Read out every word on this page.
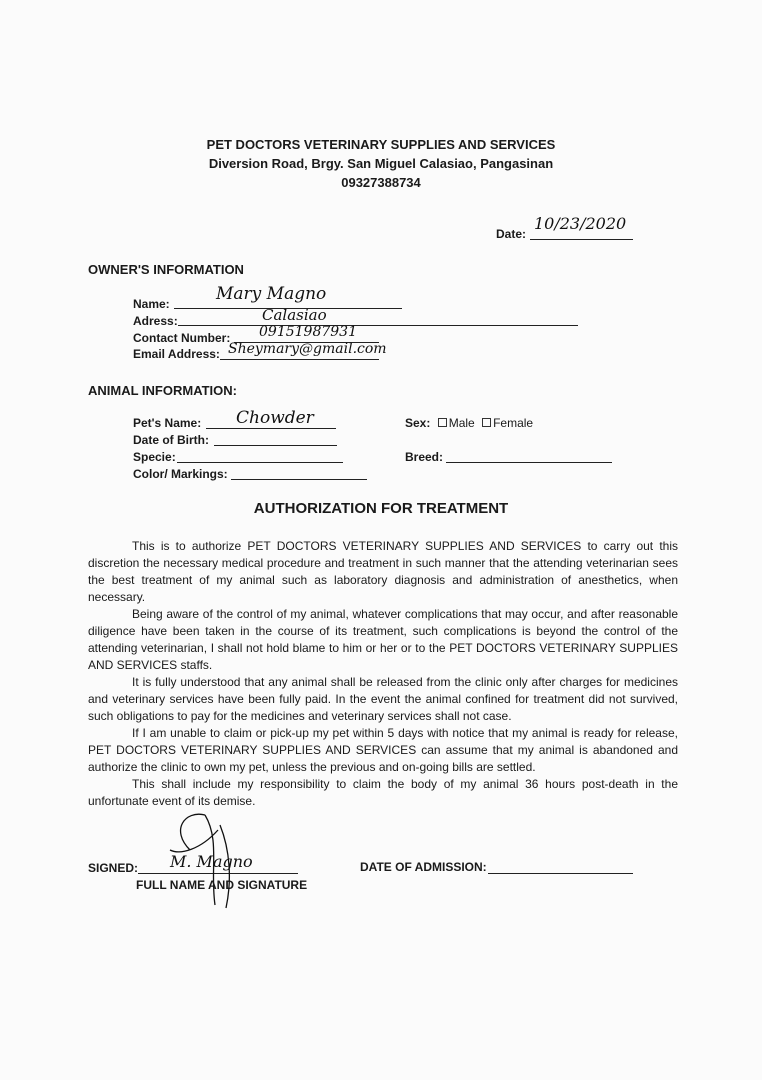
PET DOCTORS VETERINARY SUPPLIES AND SERVICES
Diversion Road, Brgy. San Miguel Calasiao, Pangasinan
09327388734
Date:
10/23/2020
OWNER'S INFORMATION
Name:	Mary Magno
Adress:	Calasiao
Contact Number: 09151987931
Email Address: Sheymary@gmail.com
ANIMAL INFORMATION:
Pet's Name: Chowder
Date of Birth:
Specie:
Color/ Markings:
Sex: Male Female
Breed:
AUTHORIZATION FOR TREATMENT

This is to authorize PET DOCTORS VETERINARY SUPPLIES AND SERVICES to carry out this discretion the necessary medical procedure and treatment in such manner that the attending veterinarian sees the best treatment of my animal such as laboratory diagnosis and administration of anesthetics, when necessary.

Being aware of the control of my animal, whatever complications that may occur, and after reasonable diligence have been taken in the course of its treatment, such complications is beyond the control of the attending veterinarian, I shall not hold blame to him or her or to the PET DOCTORS VETERINARY SUPPLIES AND SERVICES staffs.

It is fully understood that any animal shall be released from the clinic only after charges for medicines and veterinary services have been fully paid. In the event the animal confined for treatment did not survived, such obligations to pay for the medicines and veterinary services shall not case.

If I am unable to claim or pick-up my pet within 5 days with notice that my animal is ready for release, PET DOCTORS VETERINARY SUPPLIES AND SERVICES can assume that my animal is abandoned and authorize the clinic to own my pet, unless the previous and on-going bills are settled.

This shall include my responsibility to claim the body of my animal 36 hours post-death in the unfortunate event of its demise.

SIGNED: M. Magno
FULL NAME AND SIGNATURE
DATE OF ADMISSION:
